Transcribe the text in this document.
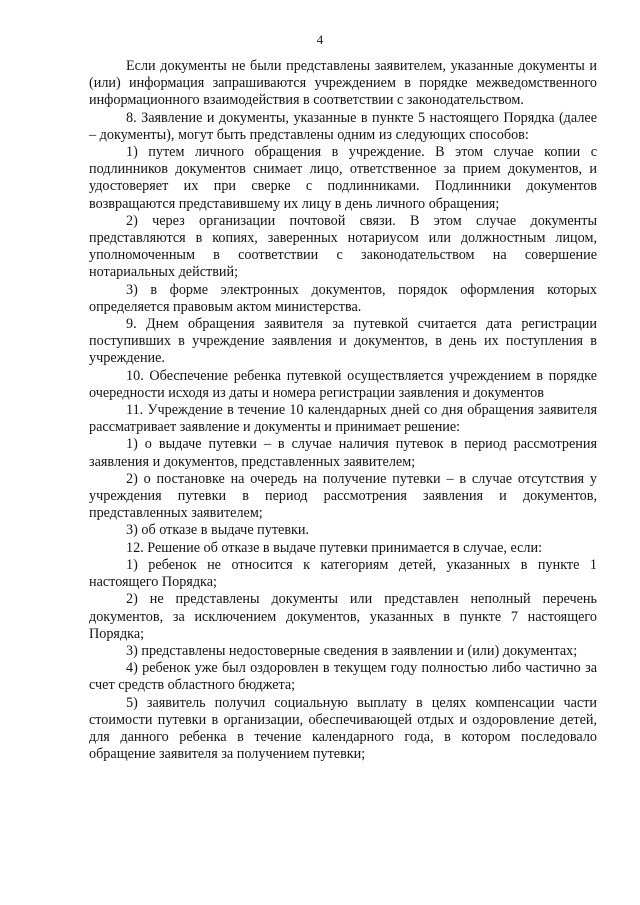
4

Если документы не были представлены заявителем, указанные документы и (или) информация запрашиваются учреждением в порядке межведомственного информационного взаимодействия в соответствии с законодательством.

8. Заявление и документы, указанные в пункте 5 настоящего Порядка (далее – документы), могут быть представлены одним из следующих способов:

1) путем личного обращения в учреждение. В этом случае копии с подлинников документов снимает лицо, ответственное за прием документов, и удостоверяет их при сверке с подлинниками. Подлинники документов возвращаются представившему их лицу в день личного обращения;

2) через организации почтовой связи. В этом случае документы представляются в копиях, заверенных нотариусом или должностным лицом, уполномоченным в соответствии с законодательством на совершение нотариальных действий;

3) в форме электронных документов, порядок оформления которых определяется правовым актом министерства.

9. Днем обращения заявителя за путевкой считается дата регистрации поступивших в учреждение заявления и документов, в день их поступления в учреждение.

10. Обеспечение ребенка путевкой осуществляется учреждением в порядке очередности исходя из даты и номера регистрации заявления и документов

11. Учреждение в течение 10 календарных дней со дня обращения заявителя рассматривает заявление и документы и принимает решение:

1) о выдаче путевки – в случае наличия путевок в период рассмотрения заявления и документов, представленных заявителем;

2) о постановке на очередь на получение путевки – в случае отсутствия у учреждения путевки в период рассмотрения заявления и документов, представленных заявителем;

3) об отказе в выдаче путевки.

12. Решение об отказе в выдаче путевки принимается в случае, если:

1) ребенок не относится к категориям детей, указанных в пункте 1 настоящего Порядка;

2) не представлены документы или представлен неполный перечень документов, за исключением документов, указанных в пункте 7 настоящего Порядка;

3) представлены недостоверные сведения в заявлении и (или) документах;

4) ребенок уже был оздоровлен в текущем году полностью либо частично за счет средств областного бюджета;

5) заявитель получил социальную выплату в целях компенсации части стоимости путевки в организации, обеспечивающей отдых и оздоровление детей, для данного ребенка в течение календарного года, в котором последовало обращение заявителя за получением путевки;
